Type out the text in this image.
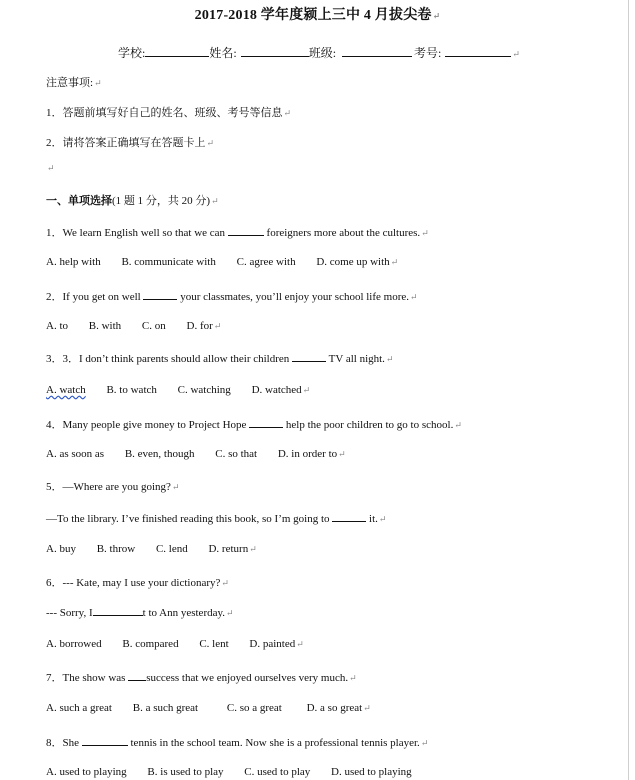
2017-2018 学年度颍上三中 4 月拔尖卷↵
学校:	姓名:	班级:	考号:	↵
注意事项:↵
1．答题前填写好自己的姓名、班级、考号等信息↵
2．请将答案正确填写在答题卡上↵
↵
一、单项选择(1 题 1 分，共 20 分)↵
1．We learn English well so that we can	foreigners more about the cultures.↵
A. help with B. communicate with C. agree with D. come up with↵
2．If you get on well	your classmates, you’ll enjoy your school life more.↵
A. to B. with C. on D. for↵
3．3．I don’t think parents should allow their children	TV all night.↵
A. watch B. to watch C. watching D. watched↵
4．Many people give money to Project Hope	help the poor children to go to school.↵
A. as soon as B. even, though C. so that D. in order to↵
5．—Where are you going?↵
—To the library. I’ve finished reading this book, so I’m going to	it.↵
A. buy B. throw C. lend D. return↵
6．--- Kate, may I use your dictionary?↵
--- Sorry, I	t to Ann yesterday.↵
A. borrowed B. compared C. lent D. painted↵
7．The show was success that we enjoyed ourselves very much.↵
A. such a great B. a such great	C. so a great D. a so great↵
8．She	tennis in the school team. Now she is a professional tennis player.↵
A. used to playing B. is used to play C. used to play D. used to playing
